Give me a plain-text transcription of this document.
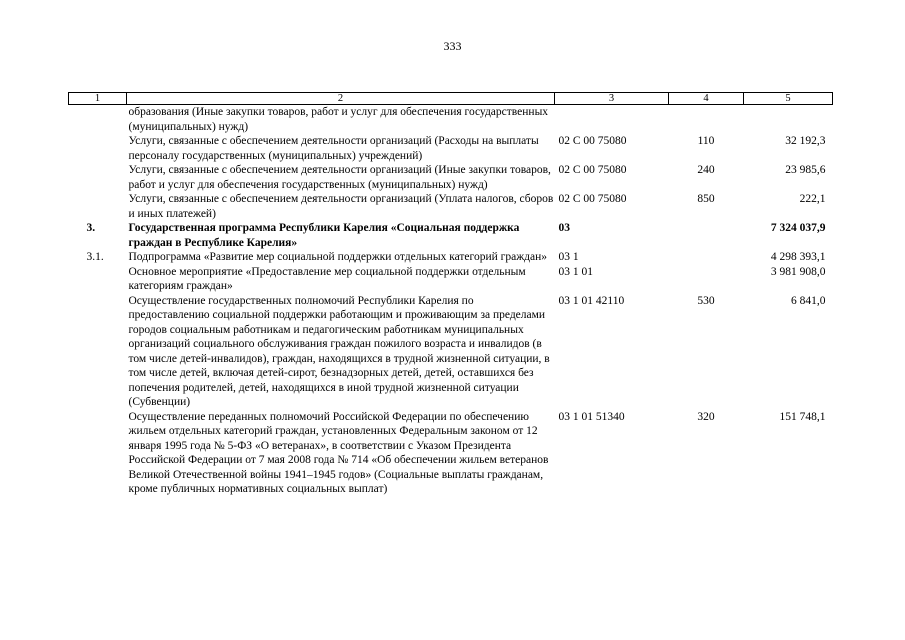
333
1	2	3	4	5
	образования (Иные закупки товаров, работ и услуг для обеспечения государственных (муниципальных) нужд)			
	Услуги, связанные с обеспечением деятельности организаций (Расходы на выплаты персоналу государственных (муниципальных) учреждений)	02 С 00 75080	110	32 192,3
	Услуги, связанные с обеспечением деятельности организаций (Иные закупки товаров, работ и услуг для обеспечения государственных (муниципальных) нужд)	02 С 00 75080	240	23 985,6
	Услуги, связанные с обеспечением деятельности организаций (Уплата налогов, сборов и иных платежей)	02 С 00 75080	850	222,1
3.	Государственная программа Республики Карелия «Социальная поддержка граждан в Республике Карелия»	03		7 324 037,9
3.1.	Подпрограмма «Развитие мер социальной поддержки отдельных категорий граждан»	03 1		4 298 393,1
	Основное мероприятие «Предоставление мер социальной поддержки отдельным категориям граждан»	03 1 01		3 981 908,0
	Осуществление государственных полномочий Республики Карелия по предоставлению социальной поддержки работающим и проживающим за пределами городов социальным работникам и педагогическим работникам муниципальных организаций социального обслуживания граждан пожилого возраста и инвалидов (в том числе детей-инвалидов), граждан, находящихся в трудной жизненной ситуации, в том числе детей, включая детей-сирот, безнадзорных детей, детей, оставшихся без попечения родителей, детей, находящихся в иной трудной жизненной ситуации (Субвенции)	03 1 01 42110	530	6 841,0
	Осуществление переданных полномочий Российской Федерации по обеспечению жильем отдельных категорий граждан, установленных Федеральным законом от 12 января 1995 года № 5-ФЗ «О ветеранах», в соответствии с Указом Президента Российской Федерации от 7 мая 2008 года № 714 «Об обеспечении жильем ветеранов Великой Отечественной войны 1941–1945 годов» (Социальные выплаты гражданам, кроме публичных нормативных социальных выплат)	03 1 01 51340	320	151 748,1
